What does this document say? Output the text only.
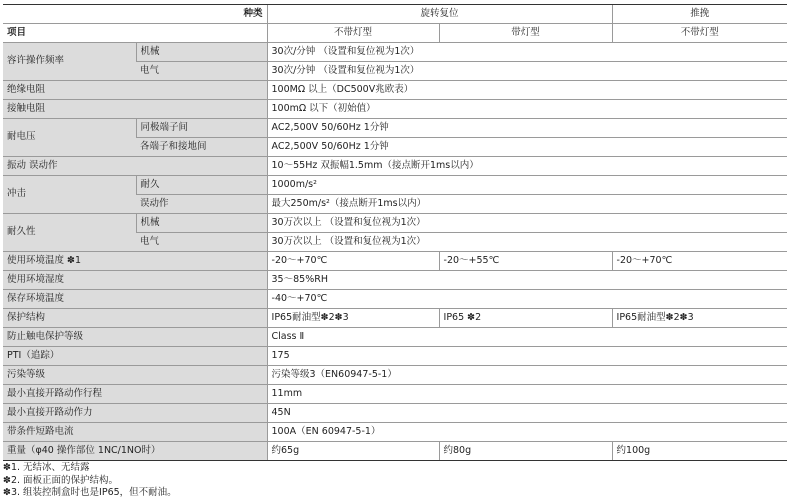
种类		旋转复位		推挽
项目		不带灯型	带灯型	不带灯型
容许操作频率	机械	30次/分钟 （设置和复位视为1次）		
	电气	30次/分钟 （设置和复位视为1次）		
绝缘电阻		100MΩ 以上（DC500V兆欧表）		
接触电阻		100mΩ 以下（初始值）		
耐电压	同极端子间	AC2,500V 50/60Hz 1分钟		
	各端子和接地间	AC2,500V 50/60Hz 1分钟		
振动 误动作		10～55Hz 双振幅1.5mm（接点断开1ms以内）		
冲击	耐久	1000m/s²		
	误动作	最大250m/s²（接点断开1ms以内）		
耐久性	机械	30万次以上 （设置和复位视为1次）		
	电气	30万次以上 （设置和复位视为1次）		
使用环境温度 ✽1		-20～+70℃	-20～+55℃	-20～+70℃
使用环境湿度		35～85%RH		
保存环境温度		-40～+70℃		
保护结构		IP65耐油型✽2✽3	IP65 ✽2	IP65耐油型✽2✽3
防止触电保护等级		Class Ⅱ		
PTI（追踪）		175		
污染等级		污染等级3（EN60947-5-1）		
最小直接开路动作行程		11mm		
最小直接开路动作力		45N		
带条件短路电流		100A（EN 60947-5-1）		
重量（φ40 操作部位 1NC/1NO时）		约65g	约80g	约100g
✽1. 无结冰、无结露
✽2. 面板正面的保护结构。
✽3. 组装控制盒时也是IP65，但不耐油。
